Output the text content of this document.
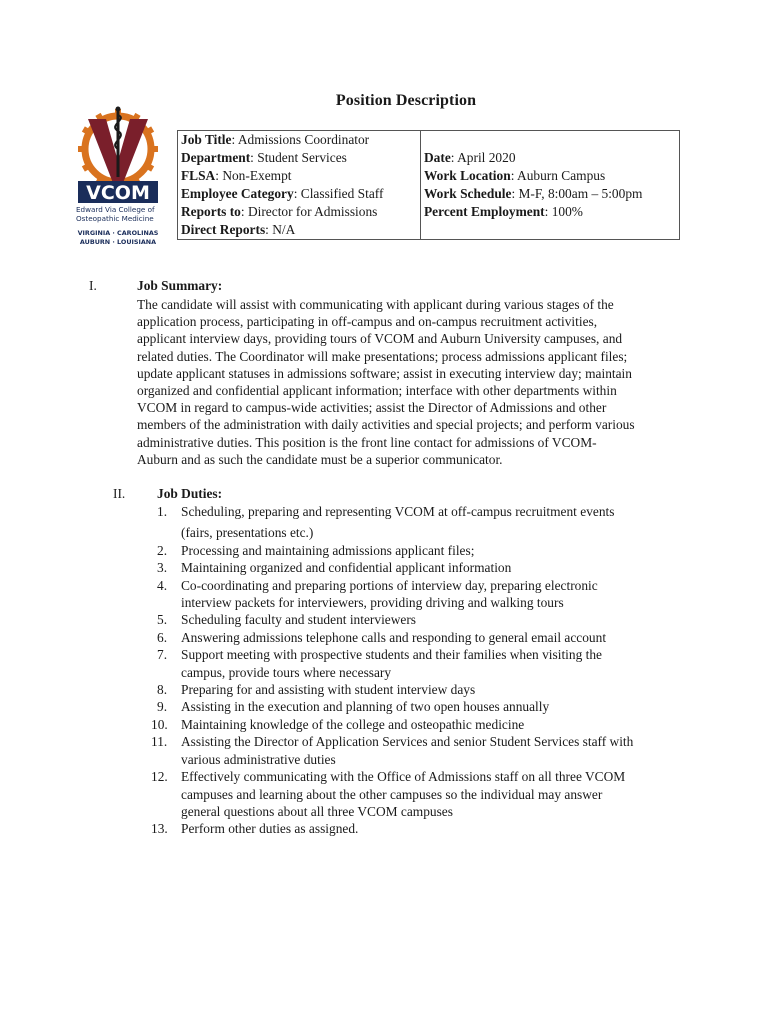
Position Description
VCOM
Edward Via College of
Osteopathic Medicine
VIRGINIA · CAROLINAS
AUBURN · LOUISIANA
Job Title: Admissions Coordinator	
Department: Student Services	Date: April 2020
FLSA: Non-Exempt	Work Location: Auburn Campus
Employee Category: Classified Staff	Work Schedule: M-F, 8:00am – 5:00pm
Reports to: Director for Admissions	Percent Employment: 100%
Direct Reports: N/A	
I.	Job Summary:
The candidate will assist with communicating with applicant during various stages of the
application process, participating in off-campus and on-campus recruitment activities,
applicant interview days, providing tours of VCOM and Auburn University campuses, and
related duties. The Coordinator will make presentations; process admissions applicant files;
update applicant statuses in admissions software; assist in executing interview day; maintain
organized and confidential applicant information; interface with other departments within
VCOM in regard to campus-wide activities; assist the Director of Admissions and other
members of the administration with daily activities and special projects; and perform various
administrative duties. This position is the front line contact for admissions of VCOM-
Auburn and as such the candidate must be a superior communicator.
II. Job Duties:
1. Scheduling, preparing and representing VCOM at off-campus recruitment events
(fairs, presentations etc.)
2. Processing and maintaining admissions applicant files;
3. Maintaining organized and confidential applicant information
4. Co-coordinating and preparing portions of interview day, preparing electronic
interview packets for interviewers, providing driving and walking tours
5. Scheduling faculty and student interviewers
6. Answering admissions telephone calls and responding to general email account
7. Support meeting with prospective students and their families when visiting the
campus, provide tours where necessary
8. Preparing for and assisting with student interview days
9. Assisting in the execution and planning of two open houses annually
10. Maintaining knowledge of the college and osteopathic medicine
11. Assisting the Director of Application Services and senior Student Services staff with
various administrative duties
12. Effectively communicating with the Office of Admissions staff on all three VCOM
campuses and learning about the other campuses so the individual may answer
general questions about all three VCOM campuses
13. Perform other duties as assigned.
